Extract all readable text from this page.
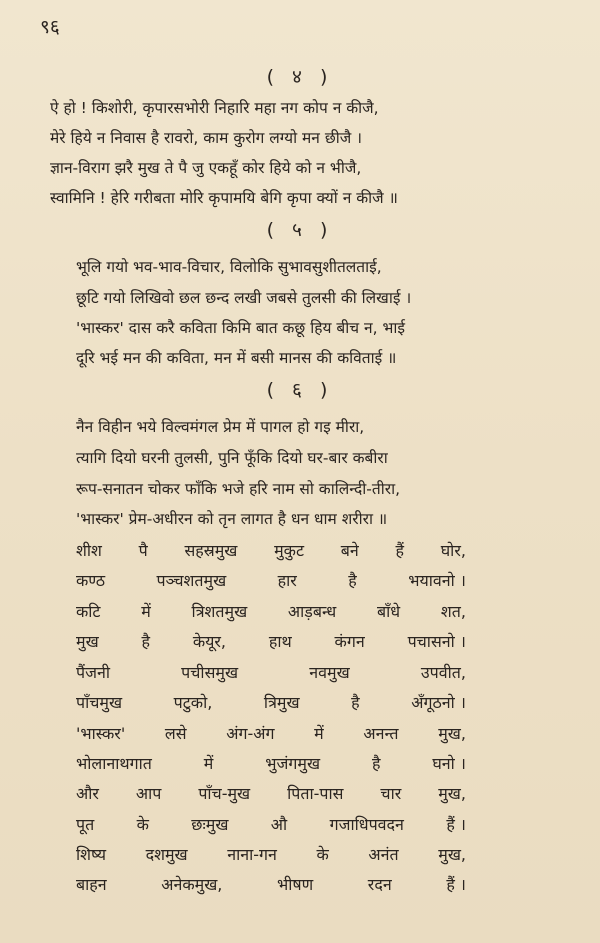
९६
( ४ )
ऐ हो ! किशोरी, कृपारसभोरी निहारि महा नग कोप न कीजै,
मेरे हिये न निवास है रावरो, काम कुरोग लग्यो मन छीजै ।
ज्ञान-विराग झरै मुख ते पै जु एकहूँ कोर हिये को न भीजै,
स्वामिनि ! हेरि गरीबता मोरि कृपामयि बेगि कृपा क्यों न कीजै ॥
( ५ )
भूलि गयो भव-भाव-विचार, विलोकि सुभावसुशीतलताई,
छूटि गयो लिखिवो छल छन्द लखी जबसे तुलसी की लिखाई ।
'भास्कर' दास करै कविता किमि बात कछू हिय बीच न, भाई
दूरि भई मन की कविता, मन में बसी मानस की कविताई ॥
( ६ )
नैन विहीन भये विल्वमंगल प्रेम में पागल हो गइ मीरा,
त्यागि दियो घरनी तुलसी, पुनि फूँकि दियो घर-बार कबीरा
रूप-सनातन चोकर फाँकि भजे हरि नाम सो कालिन्दी-तीरा,
'भास्कर' प्रेम-अधीरन को तृन लागत है धन धाम शरीरा ॥
शीश पै सहस्रमुख मुकुट बने हैं घोर,
कण्ठ	पञ्चशतमुख	हार	है	भयावनो ।
कटि	में	त्रिशतमुख	आड़बन्ध	बाँधे	शत,
मुख	है	केयूर,	हाथ	कंगन	पचासनो ।
पैंजनी	पचीसमुख	नवमुख	उपवीत,
पाँचमुख	पटुको,	त्रिमुख	है	अँगूठनो ।
'भास्कर' लसे अंग-अंग में अनन्त मुख,
भोलानाथगात	में	भुजंगमुख	है	घनो ।
और आप पाँच-मुख पिता-पास चार मुख,
पूत	के	छःमुख	औ	गजाधिपवदन	हैं ।
शिष्य दशमुख नाना-गन के अनंत मुख,
बाहन	अनेकमुख,	भीषण	रदन	हैं ।
